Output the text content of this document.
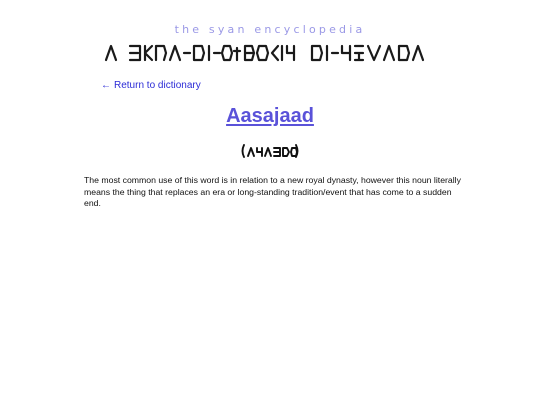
the syan encyclopedia
← Return to dictionary
Aasajaad

The most common use of this word is in relation to a new royal dynasty, however this noun literally means the thing that replaces an era or long-standing tradition/event that has come to a sudden end.
